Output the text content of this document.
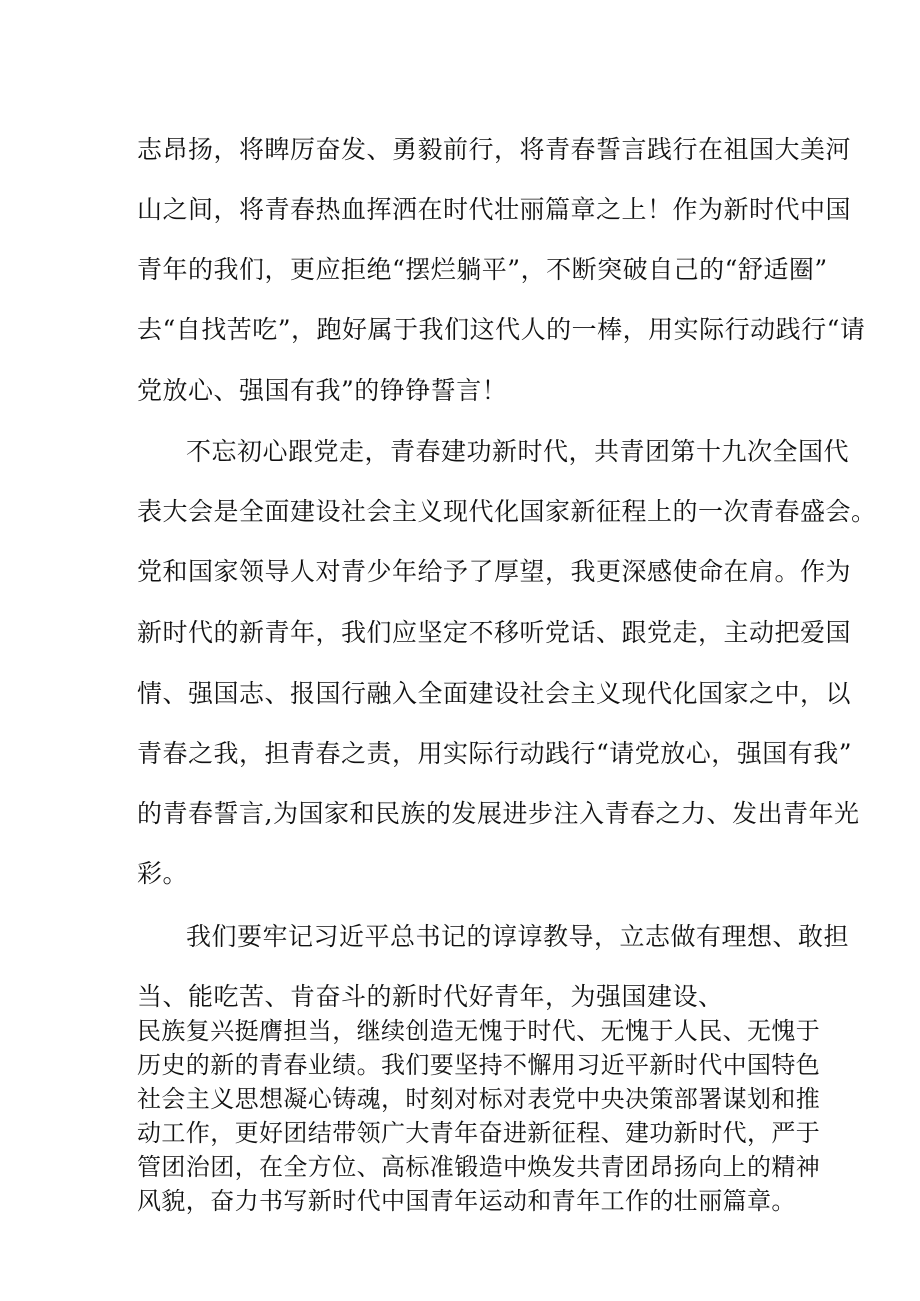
志昂扬，将睥厉奋发、勇毅前行，将青春誓言践行在祖国大美河
山之间，将青春热血挥洒在时代壮丽篇章之上！作为新时代中国
青年的我们，更应拒绝“摆烂躺平”，不断突破自己的“舒适圈”
去“自找苦吃”，跑好属于我们这代人的一棒，用实际行动践行“请
党放心、强国有我”的铮铮誓言！
不忘初心跟党走，青春建功新时代，共青团第十九次全国代
表大会是全面建设社会主义现代化国家新征程上的一次青春盛会。
党和国家领导人对青少年给予了厚望，我更深感使命在肩。作为
新时代的新青年，我们应坚定不移听党话、跟党走，主动把爱国
情、强国志、报国行融入全面建设社会主义现代化国家之中，以
青春之我，担青春之责，用实际行动践行“请党放心，强国有我”
的青春誓言,为国家和民族的发展进步注入青春之力、发出青年光
彩。
我们要牢记习近平总书记的谆谆教导，立志做有理想、敢担
当、能吃苦、肯奋斗的新时代好青年，为强国建设、
民族复兴挺膺担当，继续创造无愧于时代、无愧于人民、无愧于
历史的新的青春业绩。我们要坚持不懈用习近平新时代中国特色
社会主义思想凝心铸魂，时刻对标对表党中央决策部署谋划和推
动工作，更好团结带领广大青年奋进新征程、建功新时代，严于
管团治团，在全方位、高标准锻造中焕发共青团昂扬向上的精神
风貌，奋力书写新时代中国青年运动和青年工作的壮丽篇章。
